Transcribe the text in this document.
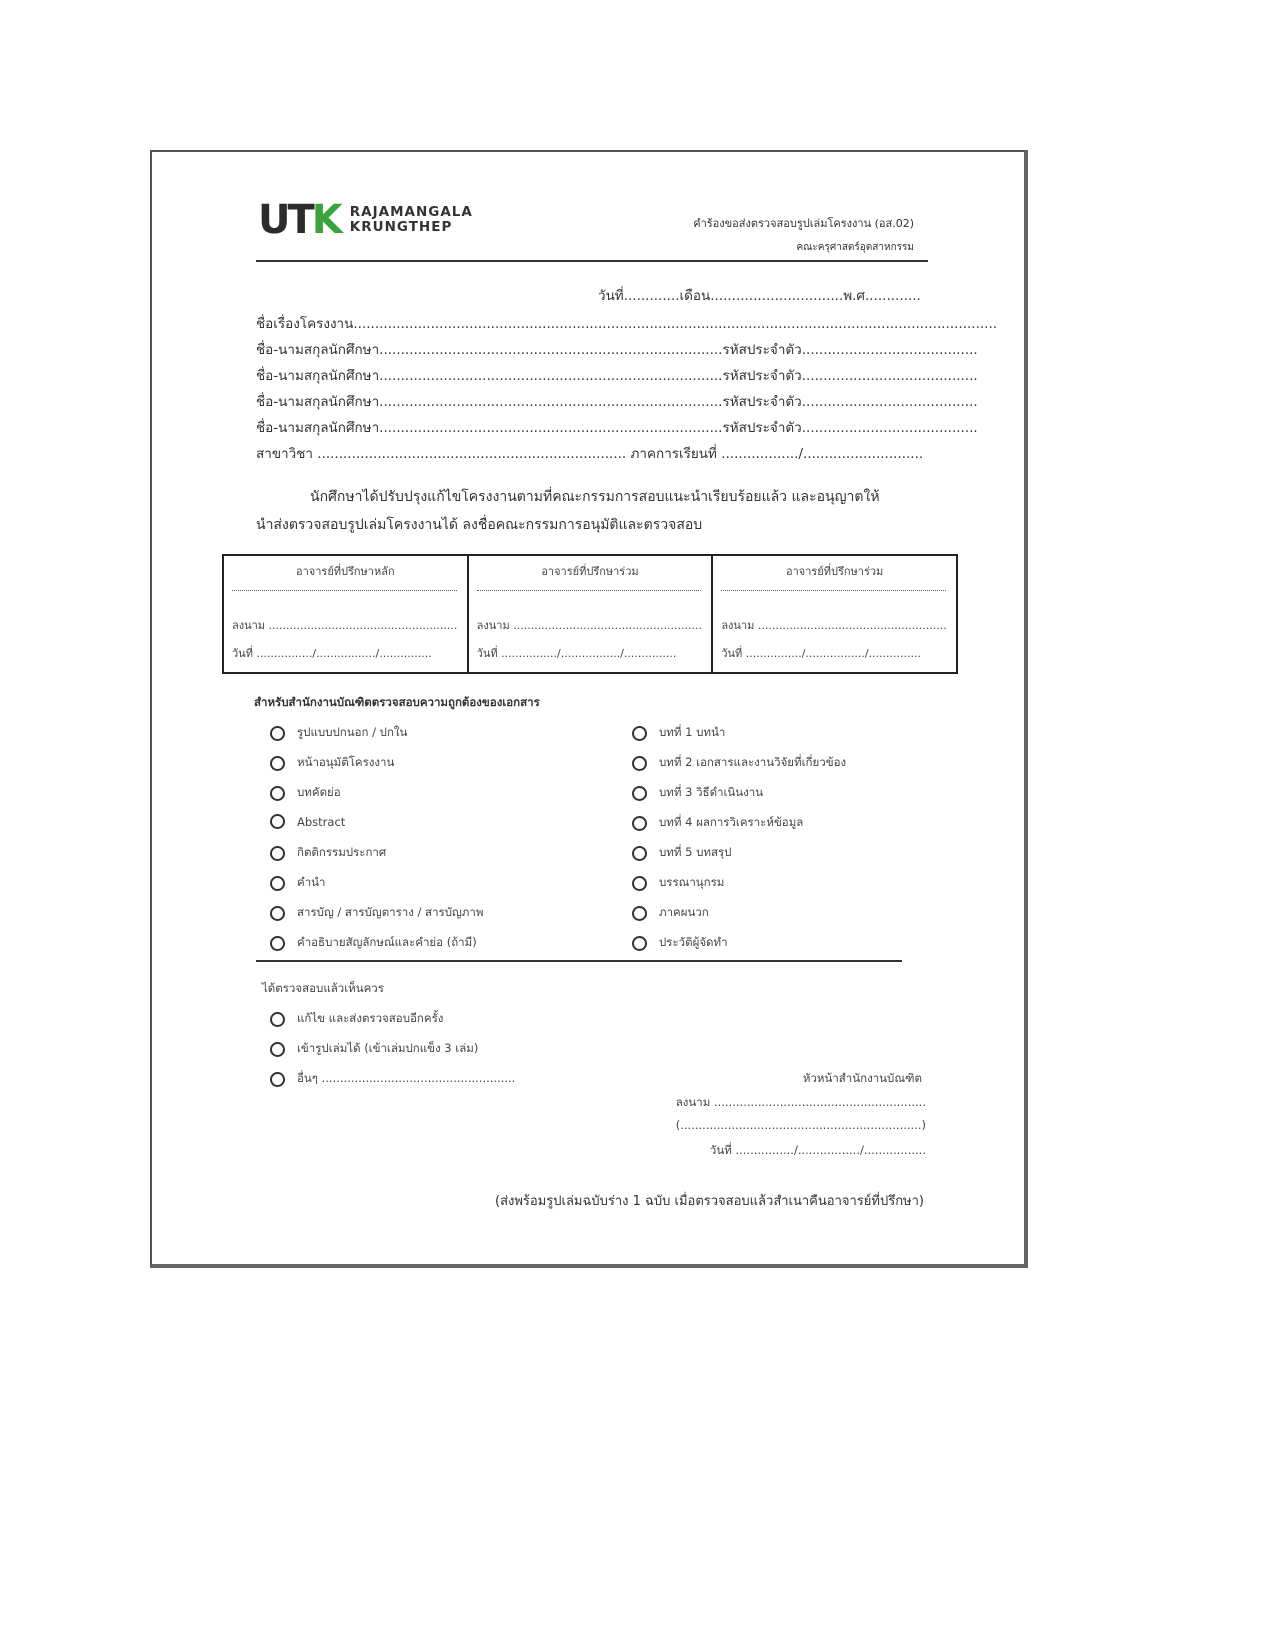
UTK RAJAMANGALA
KRUNGTHEP	คำร้องขอส่งตรวจสอบรูปเล่มโครงงาน (อส.02)
คณะครุศาสตร์อุตสาหกรรม
วันที่.............เดือน...............................พ.ศ.............
ชื่อเรื่องโครงงาน......................................................................................................................................................
ชื่อ-นามสกุลนักศึกษา................................................................................รหัสประจำตัว.........................................
ชื่อ-นามสกุลนักศึกษา................................................................................รหัสประจำตัว.........................................
ชื่อ-นามสกุลนักศึกษา................................................................................รหัสประจำตัว.........................................
ชื่อ-นามสกุลนักศึกษา................................................................................รหัสประจำตัว.........................................
สาขาวิชา ........................................................................ ภาคการเรียนที่ ................../............................
นักศึกษาได้ปรับปรุงแก้ไขโครงงานตามที่คณะกรรมการสอบแนะนำเรียบร้อยแล้ว และอนุญาตให้
นำส่งตรวจสอบรูปเล่มโครงงานได้ ลงชื่อคณะกรรมการอนุมัติและตรวจสอบ
อาจารย์ที่ปรึกษาหลัก
ลงนาม ......................................................
วันที่ ................/................./...............

อาจารย์ที่ปรึกษาร่วม
ลงนาม ......................................................
วันที่ ................/................./...............

อาจารย์ที่ปรึกษาร่วม
ลงนาม ......................................................
วันที่ ................/................./...............
สำหรับสำนักงานบัณฑิตตรวจสอบความถูกต้องของเอกสาร
รูปแบบปกนอก / ปกใน
หน้าอนุมัติโครงงาน
บทคัดย่อ
Abstract
กิตติกรรมประกาศ
คำนำ
สารบัญ / สารบัญตาราง / สารบัญภาพ
คำอธิบายสัญลักษณ์และคำย่อ (ถ้ามี)
บทที่ 1 บทนำ
บทที่ 2 เอกสารและงานวิจัยที่เกี่ยวข้อง
บทที่ 3 วิธีดำเนินงาน
บทที่ 4 ผลการวิเคราะห์ข้อมูล
บทที่ 5 บทสรุป
บรรณานุกรม
ภาคผนวก
ประวัติผู้จัดทำ
ได้ตรวจสอบแล้วเห็นควร
แก้ไข และส่งตรวจสอบอีกครั้ง
เข้ารูปเล่มได้ (เข้าเล่มปกแข็ง 3 เล่ม)
อื่นๆ .....................................................	หัวหน้าสำนักงานบัณฑิต
ลงนาม ..........................................................
(..................................................................)
วันที่ ................/................./.................
(ส่งพร้อมรูปเล่มฉบับร่าง 1 ฉบับ เมื่อตรวจสอบแล้วสำเนาคืนอาจารย์ที่ปรึกษา)
